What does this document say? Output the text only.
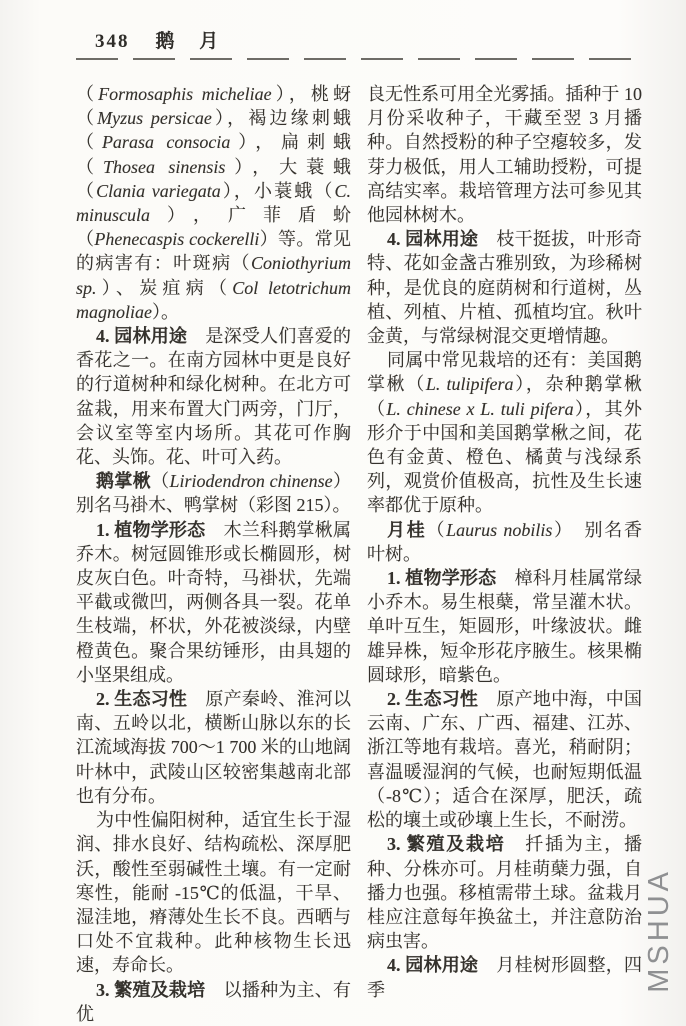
348 鹅 月

（Formosaphis micheliae），桃蚜（Myzus persicae），褐边缘刺蛾（Parasa consocia），扁刺蛾（Thosea sinensis），大蓑蛾（Clania variegata），小蓑蛾（C. minuscula），广菲盾蚧（Phenecaspis cockerelli）等。常见的病害有：叶斑病（Coniothyrium sp.）、炭疽病（Col letotrichum magnoliae）。

4. 园林用途　是深受人们喜爱的香花之一。在南方园林中更是良好的行道树种和绿化树种。在北方可盆栽，用来布置大门两旁，门厅，会议室等室内场所。其花可作胸花、头饰。花、叶可入药。

鹅掌楸（Liriodendron chinense）别名马褂木、鸭掌树（彩图 215）。

1. 植物学形态　木兰科鹅掌楸属乔木。树冠圆锥形或长椭圆形，树皮灰白色。叶奇特，马褂状，先端平截或微凹，两侧各具一裂。花单生枝端，杯状，外花被淡绿，内壁橙黄色。聚合果纺锤形，由具翅的小坚果组成。

2. 生态习性　原产秦岭、淮河以南、五岭以北，横断山脉以东的长江流域海拔 700～1 700 米的山地阔叶林中，武陵山区较密集越南北部也有分布。

为中性偏阳树种，适宜生长于湿润、排水良好、结构疏松、深厚肥沃，酸性至弱碱性土壤。有一定耐寒性，能耐 -15℃的低温，干旱、湿洼地，瘠薄处生长不良。西晒与口处不宜栽种。此种核物生长迅速，寿命长。

3. 繁殖及栽培　以播种为主、有优

良无性系可用全光雾插。插种于 10 月份采收种子，干藏至翌 3 月播种。自然授粉的种子空瘪较多，发芽力极低，用人工辅助授粉，可提高结实率。栽培管理方法可参见其他园林树木。

4. 园林用途　枝干挺拔，叶形奇特、花如金盏古雅别致，为珍稀树种，是优良的庭荫树和行道树，丛植、列植、片植、孤植均宜。秋叶金黄，与常绿树混交更增情趣。

同属中常见栽培的还有：美国鹅掌楸（L. tulipifera），杂种鹅掌楸（L. chinese x L. tuli pifera），其外形介于中国和美国鹅掌楸之间，花色有金黄、橙色、橘黄与浅绿系列，观赏价值极高，抗性及生长速率都优于原种。

月桂（Laurus nobilis）　别名香叶树。

1. 植物学形态　樟科月桂属常绿小乔木。易生根蘖，常呈灌木状。单叶互生，矩圆形，叶缘波状。雌雄异株，短伞形花序腋生。核果椭圆球形，暗紫色。

2. 生态习性　原产地中海，中国云南、广东、广西、福建、江苏、浙江等地有栽培。喜光，稍耐阴；喜温暖湿润的气候，也耐短期低温（-8℃）；适合在深厚，肥沃，疏松的壤土或砂壤上生长，不耐涝。

3. 繁殖及栽培　扦插为主，播种、分株亦可。月桂萌蘖力强，自播力也强。移植需带土球。盆栽月桂应注意每年换盆土，并注意防治病虫害。

4. 园林用途　月桂树形圆整，四季	MSHUA
